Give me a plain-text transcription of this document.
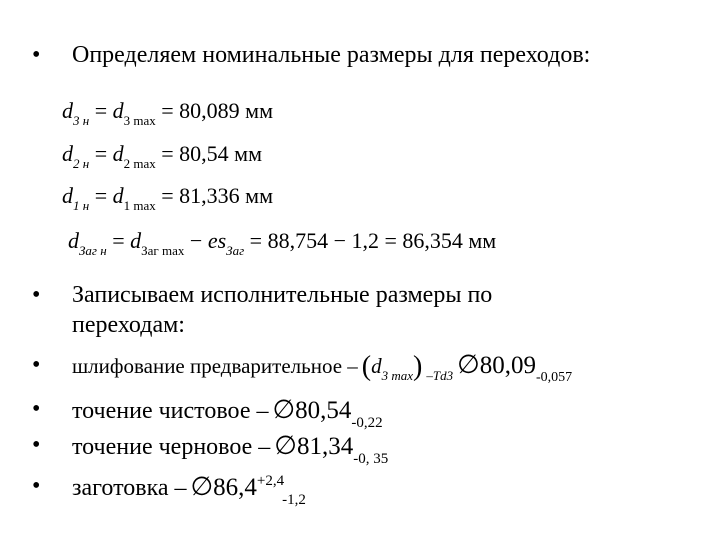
• Определяем номинальные размеры для переходов:
$d_{3 н} = d_{3 max} = 80,089$ мм
$d_{2 н} = d_{2 max} = 80,54$ мм
$d_{1 н} = d_{1 max} = 81,336$ мм
$d_{Заг н} = d_{Заг max} - es_{Заг} = 88,754 - 1,2 = 86,354$ мм
• Записываем исполнительные размеры по
переходам:
• шлифование предварительное – $(d_{3 max})$ $_{-Td3}$ ∅80,09-0,057
• точение чистовое – ∅80,54-0,22
• точение черновое – ∅81,34-0, 35
• заготовка – ∅86,4+2,4-1,2
